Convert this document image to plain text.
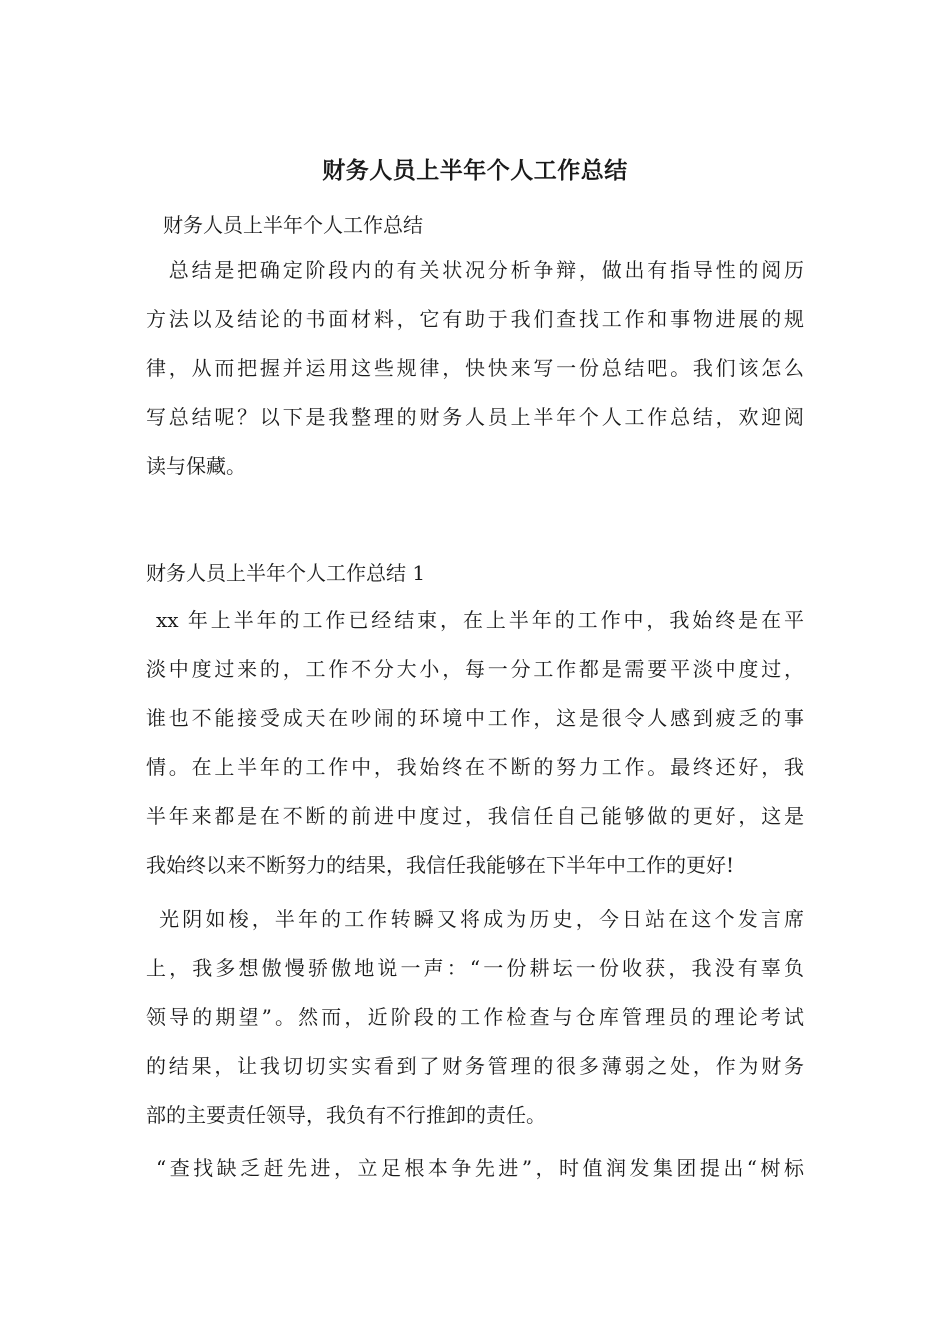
财务人员上半年个人工作总结
财务人员上半年个人工作总结
　总结是把确定阶段内的有关状况分析争辩，做出有指导性的阅历
方法以及结论的书面材料，它有助于我们查找工作和事物进展的规
律，从而把握并运用这些规律，快快来写一份总结吧。我们该怎么
写总结呢？以下是我整理的财务人员上半年个人工作总结，欢迎阅
读与保藏。
财务人员上半年个人工作总结 1
 xx 年上半年的工作已经结束，在上半年的工作中，我始终是在平
淡中度过来的，工作不分大小，每一分工作都是需要平淡中度过，
谁也不能接受成天在吵闹的环境中工作，这是很令人感到疲乏的事
情。在上半年的工作中，我始终在不断的努力工作。最终还好，我
半年来都是在不断的前进中度过，我信任自己能够做的更好，这是
我始终以来不断努力的结果，我信任我能够在下半年中工作的更好!
 光阴如梭，半年的工作转瞬又将成为历史，今日站在这个发言席
上，我多想傲慢骄傲地说一声：“一份耕坛一份收获，我没有辜负
领导的期望”。然而，近阶段的工作检查与仓库管理员的理论考试
的结果，让我切切实实看到了财务管理的很多薄弱之处，作为财务
部的主要责任领导，我负有不行推卸的责任。
 “查找缺乏赶先进，立足根本争先进”，时值润发集团提出“树标
